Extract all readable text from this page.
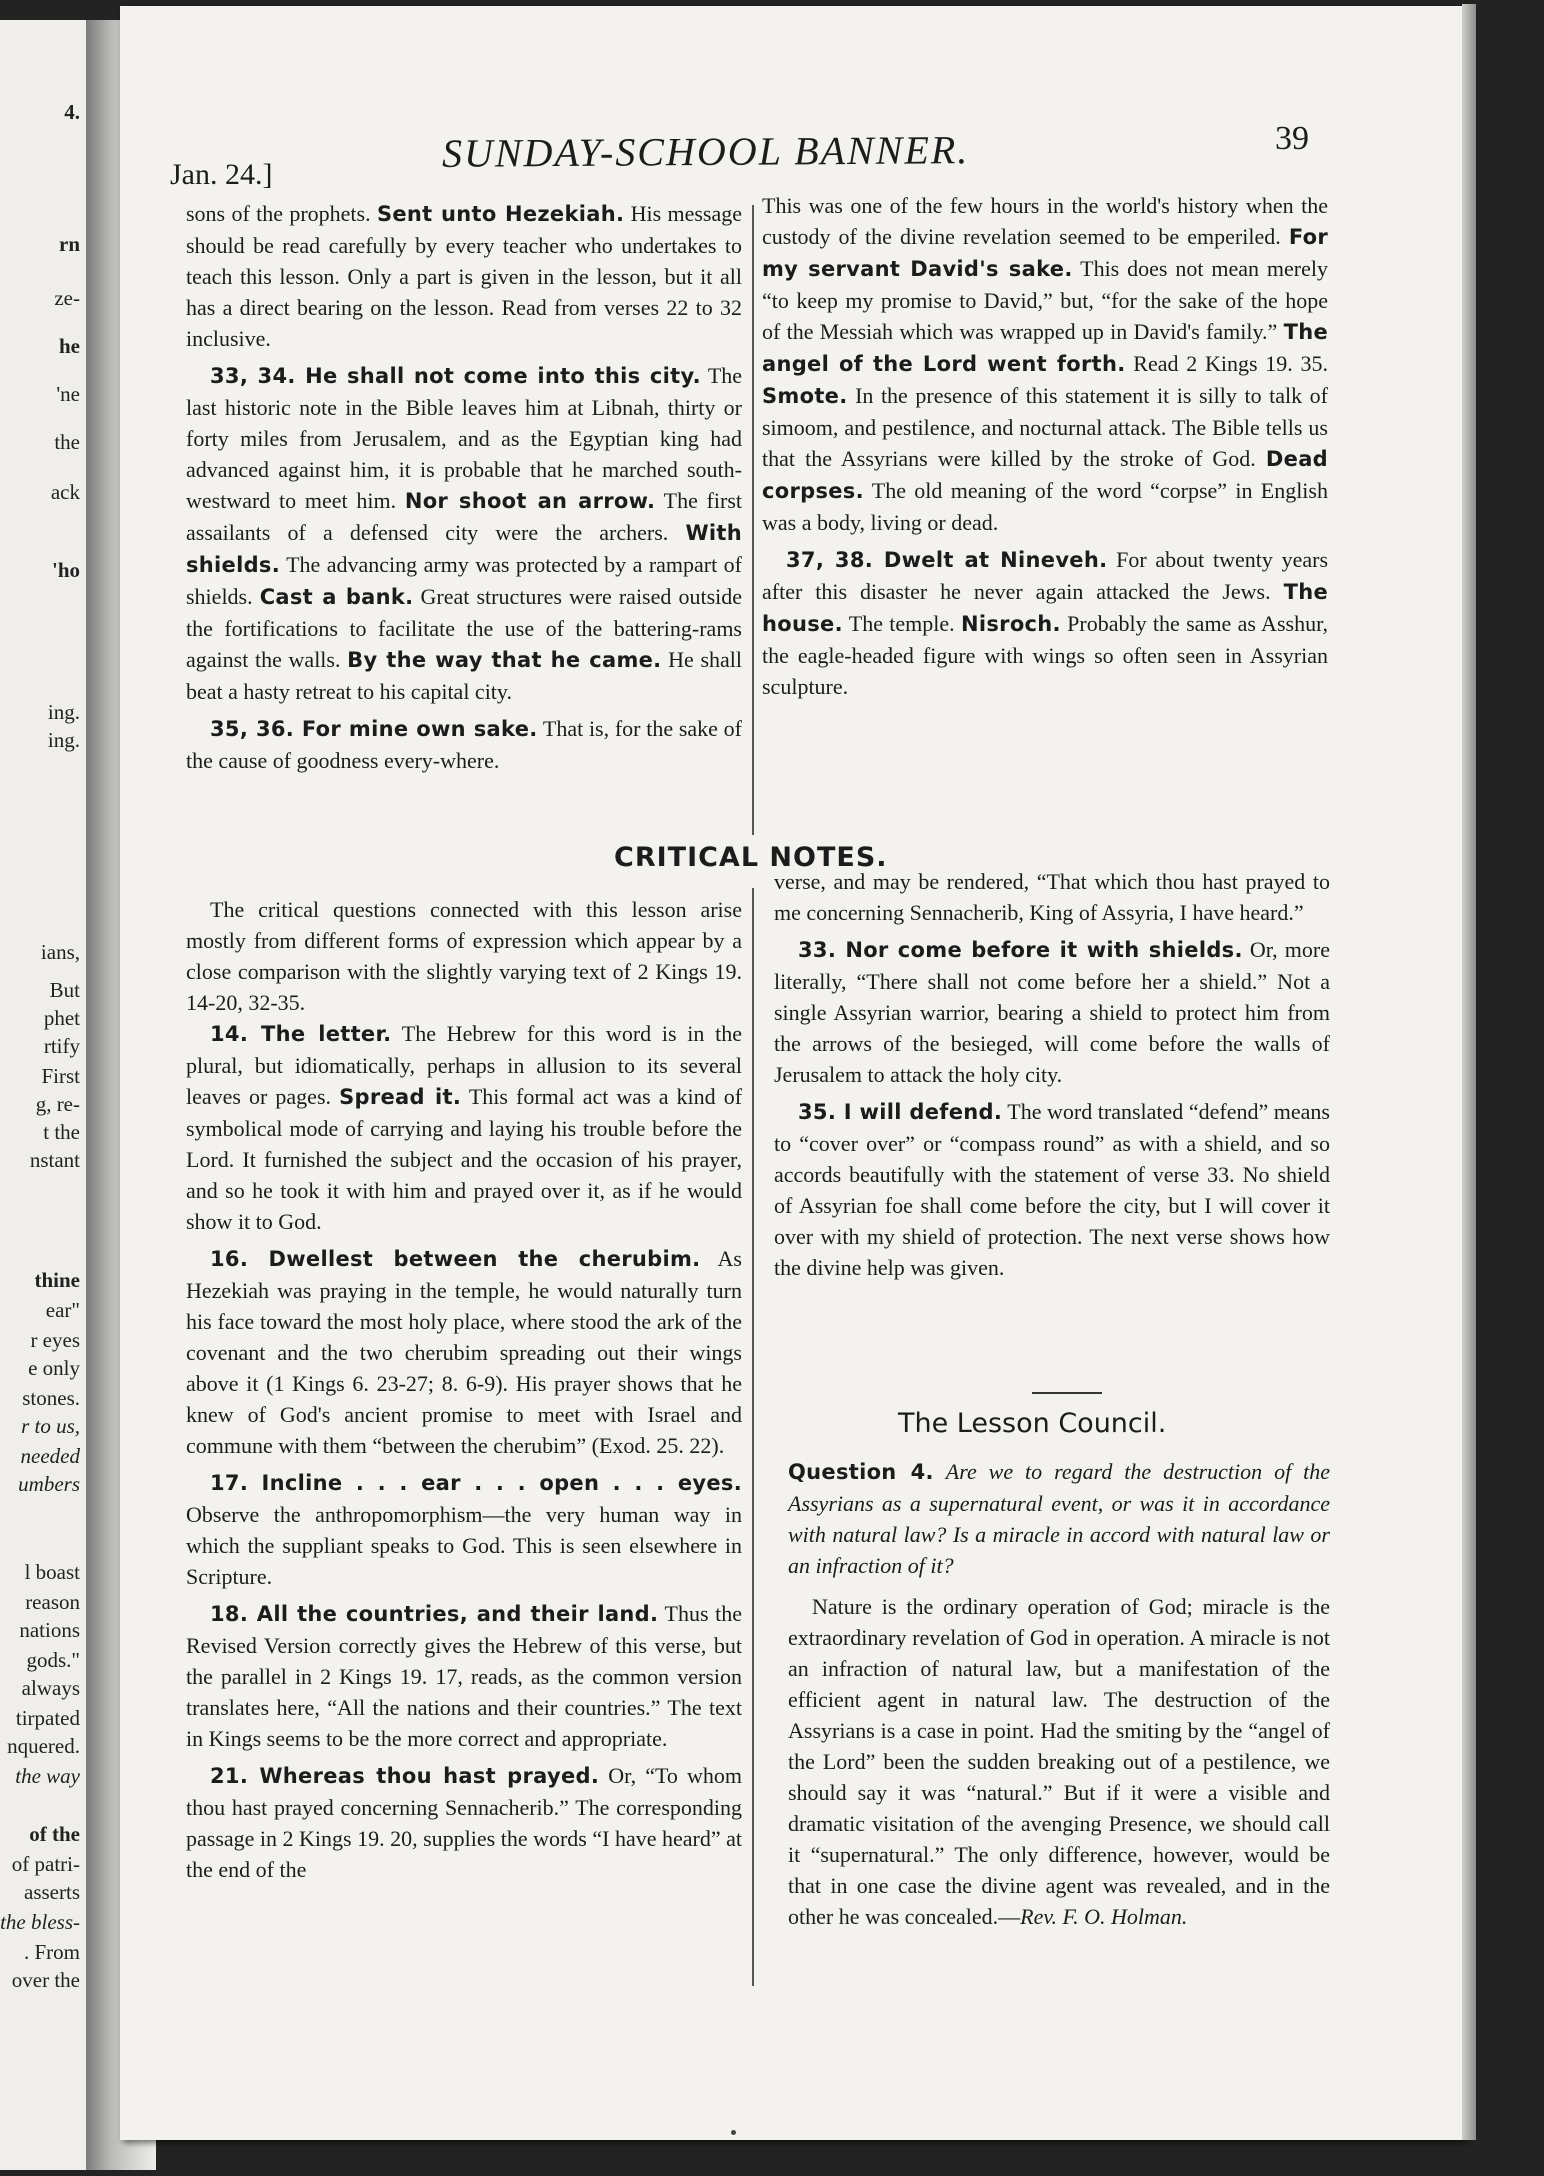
4.
rn
ze-
he
'ne
the
ack
'ho
ing.
ing.
ians,
But
phet
rtify
First
g, re-
t the
nstant
thine
ear"
r eyes
e only
stones.
r to us,
needed
umbers
l boast
reason
nations
gods."
always
tirpated
nquered.
the way
of the
of patri-
asserts
the bless-
. From
over the
Jan. 24.]	SUNDAY-SCHOOL BANNER.	39

sons of the prophets. Sent unto Hezekiah. His message should be read carefully by every teacher who undertakes to teach this lesson. Only a part is given in the lesson, but it all has a direct bearing on the lesson. Read from verses 22 to 32 inclusive.

33, 34. He shall not come into this city. The last historic note in the Bible leaves him at Libnah, thirty or forty miles from Jerusalem, and as the Egyptian king had advanced against him, it is probable that he marched south-westward to meet him. Nor shoot an arrow. The first assailants of a defensed city were the archers. With shields. The advancing army was protected by a rampart of shields. Cast a bank. Great structures were raised outside the fortifications to facilitate the use of the battering-rams against the walls. By the way that he came. He shall beat a hasty retreat to his capital city.

35, 36. For mine own sake. That is, for the sake of the cause of goodness every-where.

This was one of the few hours in the world's history when the custody of the divine revelation seemed to be emperiled. For my servant David's sake. This does not mean merely “to keep my promise to David,” but, “for the sake of the hope of the Messiah which was wrapped up in David's family.” The angel of the Lord went forth. Read 2 Kings 19. 35. Smote. In the presence of this statement it is silly to talk of simoom, and pestilence, and nocturnal attack. The Bible tells us that the Assyrians were killed by the stroke of God. Dead corpses. The old meaning of the word “corpse” in English was a body, living or dead.

37, 38. Dwelt at Nineveh. For about twenty years after this disaster he never again attacked the Jews. The house. The temple. Nisroch. Probably the same as Asshur, the eagle-headed figure with wings so often seen in Assyrian sculpture.

CRITICAL NOTES.

The critical questions connected with this lesson arise mostly from different forms of expression which appear by a close comparison with the slightly varying text of 2 Kings 19. 14-20, 32-35.

14. The letter. The Hebrew for this word is in the plural, but idiomatically, perhaps in allusion to its several leaves or pages. Spread it. This formal act was a kind of symbolical mode of carrying and laying his trouble before the Lord. It furnished the subject and the occasion of his prayer, and so he took it with him and prayed over it, as if he would show it to God.

16. Dwellest between the cherubim. As Hezekiah was praying in the temple, he would naturally turn his face toward the most holy place, where stood the ark of the covenant and the two cherubim spreading out their wings above it (1 Kings 6. 23-27; 8. 6-9). His prayer shows that he knew of God's ancient promise to meet with Israel and commune with them “between the cherubim” (Exod. 25. 22).

17. Incline . . . ear . . . open . . . eyes. Observe the anthropomorphism—the very human way in which the suppliant speaks to God. This is seen elsewhere in Scripture.

18. All the countries, and their land. Thus the Revised Version correctly gives the Hebrew of this verse, but the parallel in 2 Kings 19. 17, reads, as the common version translates here, “All the nations and their countries.” The text in Kings seems to be the more correct and appropriate.

21. Whereas thou hast prayed. Or, “To whom thou hast prayed concerning Sennacherib.” The corresponding passage in 2 Kings 19. 20, supplies the words “I have heard” at the end of the

verse, and may be rendered, “That which thou hast prayed to me concerning Sennacherib, King of Assyria, I have heard.”

33. Nor come before it with shields. Or, more literally, “There shall not come before her a shield.” Not a single Assyrian warrior, bearing a shield to protect him from the arrows of the besieged, will come before the walls of Jerusalem to attack the holy city.

35. I will defend. The word translated “defend” means to “cover over” or “compass round” as with a shield, and so accords beautifully with the statement of verse 33. No shield of Assyrian foe shall come before the city, but I will cover it over with my shield of protection. The next verse shows how the divine help was given.

The Lesson Council.

Question 4. Are we to regard the destruction of the Assyrians as a supernatural event, or was it in accordance with natural law? Is a miracle in accord with natural law or an infraction of it?

Nature is the ordinary operation of God; miracle is the extraordinary revelation of God in operation. A miracle is not an infraction of natural law, but a manifestation of the efficient agent in natural law. The destruction of the Assyrians is a case in point. Had the smiting by the “angel of the Lord” been the sudden breaking out of a pestilence, we should say it was “natural.” But if it were a visible and dramatic visitation of the avenging Presence, we should call it “supernatural.” The only difference, however, would be that in one case the divine agent was revealed, and in the other he was concealed.—Rev. F. O. Holman.
